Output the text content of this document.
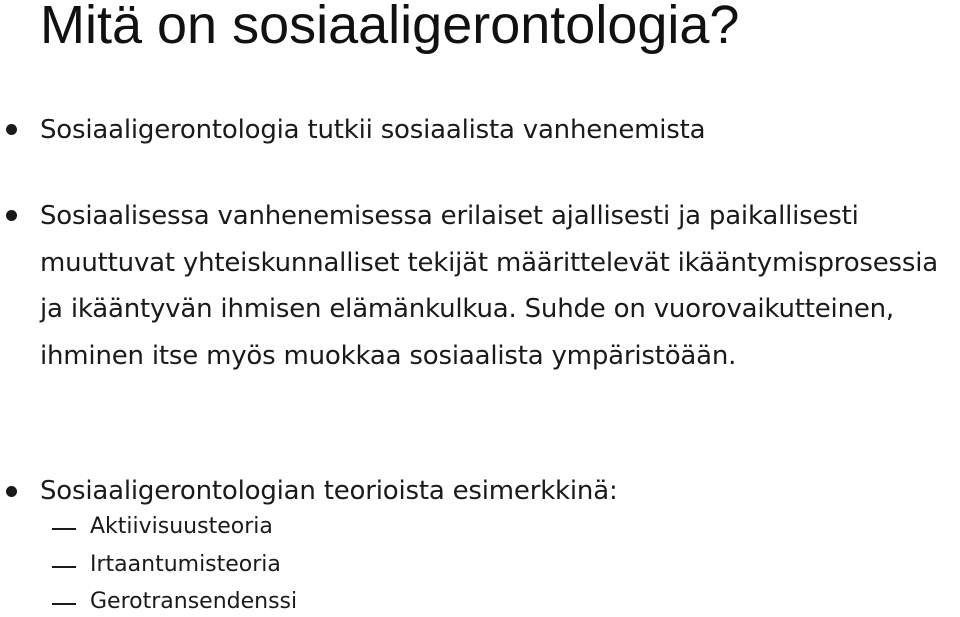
Mitä on sosiaaligerontologia?
Sosiaaligerontologia tutkii sosiaalista vanhenemista
Sosiaalisessa vanhenemisessa erilaiset ajallisesti ja paikallisesti muuttuvat yhteiskunnalliset tekijät määrittelevät ikääntymisprosessia ja ikääntyvän ihmisen elämänkulkua. Suhde on vuorovaikutteinen, ihminen itse myös muokkaa sosiaalista ympäristöään.
Sosiaaligerontologian teorioista esimerkkinä:
Aktiivisuusteoria
Irtaantumisteoria
Gerotransendenssi
